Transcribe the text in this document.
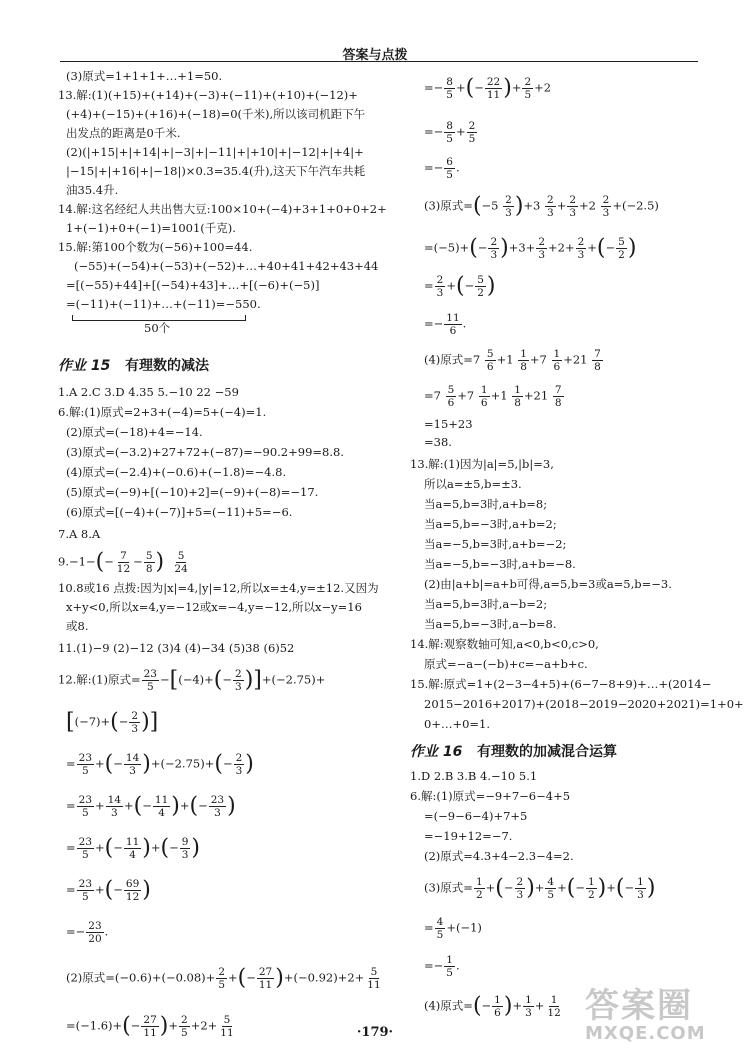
答案与点拨
(3)原式=1+1+1+…+1=50.
13.解:(1)(+15)+(+14)+(−3)+(−11)+(+10)+(−12)+
(+4)+(−15)+(+16)+(−18)=0(千米),所以该司机距下午
出发点的距离是0千米.
(2)(|+15|+|+14|+|−3|+|−11|+|+10|+|−12|+|+4|+
|−15|+|+16|+|−18|)×0.3=35.4(升),这天下午汽车共耗
油35.4升.
14.解:这名经纪人共出售大豆:100×10+(−4)+3+1+0+0+2+
1+(−1)+0+(−1)=1001(千克).
15.解:第100个数为(−56)+100=44.
(−55)+(−54)+(−53)+(−52)+…+40+41+42+43+44
=[(−55)+44]+[(−54)+43]+…+[(−6)+(−5)]
=(−11)+(−11)+…+(−11)=−550.
50个
作业 15 有理数的减法
1.A 2.C 3.D 4.35 5.−10 22 −59
6.解:(1)原式=2+3+(−4)=5+(−4)=1.
(2)原式=(−18)+4=−14.
(3)原式=(−3.2)+27+72+(−87)=−90.2+99=8.8.
(4)原式=(−2.4)+(−0.6)+(−1.8)=−4.8.
(5)原式=(−9)+[(−10)+2]=(−9)+(−8)=−17.
(6)原式=[(−4)+(−7)]+5=(−11)+5=−6.
7.A 8.A
$9.-1-(- \frac{7}{12} - \frac{5}{8}$ ) $\frac{5}{24}$
10.8或16 点拨:因为|x|=4,|y|=12,所以x=±4,y=±12.又因为
x+y<0,所以x=4,y=−12或x=−4,y=−12,所以x−y=16
或8.
11.(1)−9 (2)−12 (3)4 (4)−34 (5)38 (6)52
12.解:(1)原式= $\frac{23}{5} -[(-4)+(- \frac{2}{3} )]+(-2.75)+$
[$(-7)+(- \frac{2}{3}$ )]
= $\frac{23}{5}$ +(− $\frac{14}{3} )+(-2.75)+(- \frac{2}{3}$ )
= $\frac{23}{5} + \frac{14}{3}$ +(− $\frac{11}{4}$ )+(− $\frac{23}{3}$ )
= $\frac{23}{5}$ +(− $\frac{11}{4}$ )+(− $\frac{9}{3}$ )
= $\frac{23}{5}$ +(− $\frac{69}{12}$ )
=− $\frac{23}{20}$ .
(2)原式$=(-0.6)+(-0.08)+ \frac{2}{5}$ +(− $\frac{27}{11} )+(-0.92)+2+ \frac{5}{11}$
$=(-1.6)+(- \frac{27}{11}$ )+ $\frac{2}{5} +2+ \frac{5}{11}$
=− $\frac{8}{5}$ +(− $\frac{22}{11}$ )+ $\frac{2}{5} +2$
=− $\frac{8}{5} + \frac{2}{5}$
=− $\frac{6}{5}$ .
(3)原式$=(-5 \frac{2}{3} )+3 \frac{2}{3} + \frac{2}{3} +2 \frac{2}{3} +(-2.5)$
$=(-5)+(- \frac{2}{3} )+3+ \frac{2}{3} +2+ \frac{2}{3}$ +(− $\frac{5}{2}$ )
= $\frac{2}{3}$ +(− $\frac{5}{2}$ )
=− $\frac{11}{6}$ .
(4)原式$=7 \frac{5}{6} +1 \frac{1}{8} +7 \frac{1}{6} +21 \frac{7}{8}$
$=7 \frac{5}{6} +7 \frac{1}{6} +1 \frac{1}{8} +21 \frac{7}{8}$
=15+23
=38.
13.解:(1)因为|a|=5,|b|=3,
所以a=±5,b=±3.
当a=5,b=3时,a+b=8;
当a=5,b=−3时,a+b=2;
当a=−5,b=3时,a+b=−2;
当a=−5,b=−3时,a+b=−8.
(2)由|a+b|=a+b可得,a=5,b=3或a=5,b=−3.
当a=5,b=3时,a−b=2;
当a=5,b=−3时,a−b=8.
14.解:观察数轴可知,a<0,b<0,c>0,
原式=−a−(−b)+c=−a+b+c.
15.解:原式=1+(2−3−4+5)+(6−7−8+9)+…+(2014−
2015−2016+2017)+(2018−2019−2020+2021)=1+0+
0+…+0=1.
作业 16 有理数的加减混合运算
1.D 2.B 3.B 4.−10 5.1
6.解:(1)原式=−9+7−6−4+5
=(−9−6−4)+7+5
=−19+12=−7.
(2)原式=4.3+4−2.3−4=2.
(3)原式= $\frac{1}{2}$ +(− $\frac{2}{3}$ )+ $\frac{4}{5}$ +(− $\frac{1}{2}$ )+(− $\frac{1}{3}$ )
= $\frac{4}{5} +(-1)$
=− $\frac{1}{5}$ .
(4)原式=(− $\frac{1}{6}$ )+ $\frac{1}{3} + \frac{1}{12}$
·179·
答案圈
MXQE.COM
